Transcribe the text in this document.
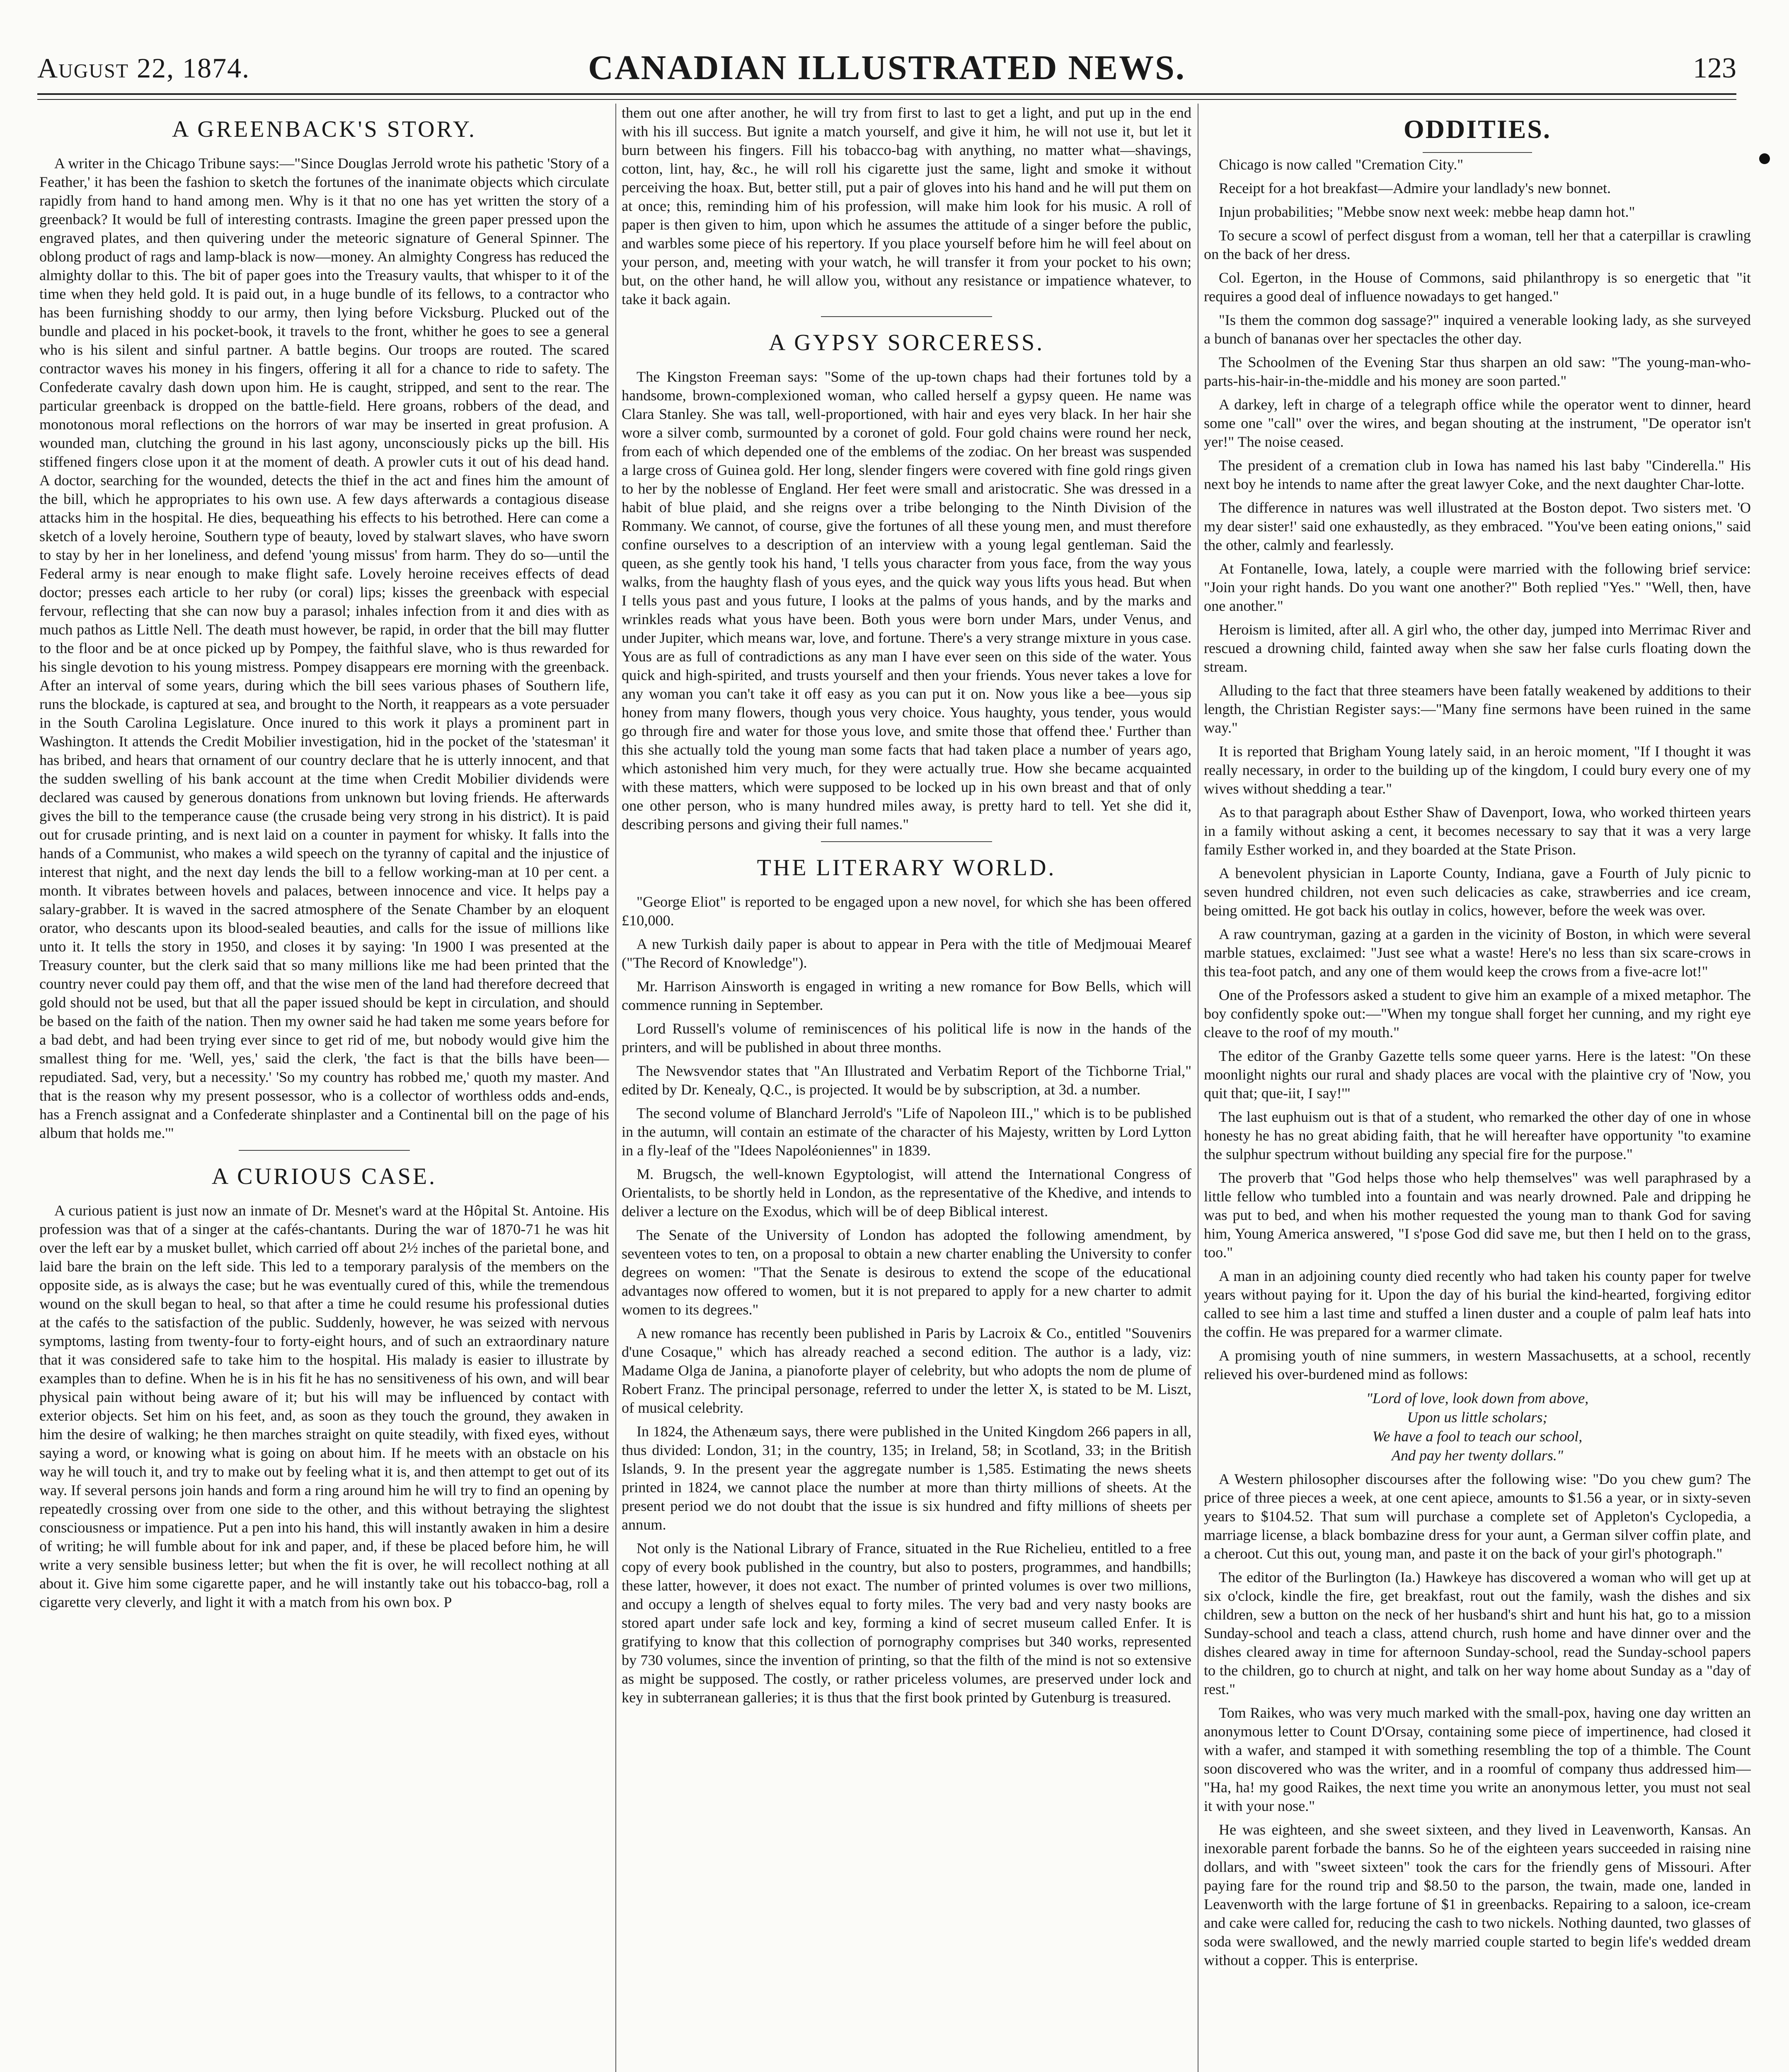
August 22, 1874.	CANADIAN ILLUSTRATED NEWS.	123
A GREENBACK'S STORY.

A writer in the Chicago Tribune says:—"Since Douglas Jerrold wrote his pathetic 'Story of a Feather,' it has been the fashion to sketch the fortunes of the inanimate objects which circulate rapidly from hand to hand among men. Why is it that no one has yet written the story of a greenback? It would be full of interesting contrasts. Imagine the green paper pressed upon the engraved plates, and then quivering under the meteoric signature of General Spinner. The oblong product of rags and lamp-black is now—money. An almighty Congress has reduced the almighty dollar to this. The bit of paper goes into the Treasury vaults, that whisper to it of the time when they held gold. It is paid out, in a huge bundle of its fellows, to a contractor who has been furnishing shoddy to our army, then lying before Vicksburg. Plucked out of the bundle and placed in his pocket-book, it travels to the front, whither he goes to see a general who is his silent and sinful partner. A battle begins. Our troops are routed. The scared contractor waves his money in his fingers, offering it all for a chance to ride to safety. The Confederate cavalry dash down upon him. He is caught, stripped, and sent to the rear. The particular greenback is dropped on the battle-field. Here groans, robbers of the dead, and monotonous moral reflections on the horrors of war may be inserted in great profusion. A wounded man, clutching the ground in his last agony, unconsciously picks up the bill. His stiffened fingers close upon it at the moment of death. A prowler cuts it out of his dead hand. A doctor, searching for the wounded, detects the thief in the act and fines him the amount of the bill, which he appropriates to his own use. A few days afterwards a contagious disease attacks him in the hospital. He dies, bequeathing his effects to his betrothed. Here can come a sketch of a lovely heroine, Southern type of beauty, loved by stalwart slaves, who have sworn to stay by her in her loneliness, and defend 'young missus' from harm. They do so—until the Federal army is near enough to make flight safe. Lovely heroine receives effects of dead doctor; presses each article to her ruby (or coral) lips; kisses the greenback with especial fervour, reflecting that she can now buy a parasol; inhales infection from it and dies with as much pathos as Little Nell. The death must however, be rapid, in order that the bill may flutter to the floor and be at once picked up by Pompey, the faithful slave, who is thus rewarded for his single devotion to his young mistress. Pompey disappears ere morning with the greenback. After an interval of some years, during which the bill sees various phases of Southern life, runs the blockade, is captured at sea, and brought to the North, it reappears as a vote persuader in the South Carolina Legislature. Once inured to this work it plays a prominent part in Washington. It attends the Credit Mobilier investigation, hid in the pocket of the 'statesman' it has bribed, and hears that ornament of our country declare that he is utterly innocent, and that the sudden swelling of his bank account at the time when Credit Mobilier dividends were declared was caused by generous donations from unknown but loving friends. He afterwards gives the bill to the temperance cause (the crusade being very strong in his district). It is paid out for crusade printing, and is next laid on a counter in payment for whisky. It falls into the hands of a Communist, who makes a wild speech on the tyranny of capital and the injustice of interest that night, and the next day lends the bill to a fellow working-man at 10 per cent. a month. It vibrates between hovels and palaces, between innocence and vice. It helps pay a salary-grabber. It is waved in the sacred atmosphere of the Senate Chamber by an eloquent orator, who descants upon its blood-sealed beauties, and calls for the issue of millions like unto it. It tells the story in 1950, and closes it by saying: 'In 1900 I was presented at the Treasury counter, but the clerk said that so many millions like me had been printed that the country never could pay them off, and that the wise men of the land had therefore decreed that gold should not be used, but that all the paper issued should be kept in circulation, and should be based on the faith of the nation. Then my owner said he had taken me some years before for a bad debt, and had been trying ever since to get rid of me, but nobody would give him the smallest thing for me. 'Well, yes,' said the clerk, 'the fact is that the bills have been—repudiated. Sad, very, but a necessity.' 'So my country has robbed me,' quoth my master. And that is the reason why my present possessor, who is a collector of worthless odds and-ends, has a French assignat and a Confederate shinplaster and a Continental bill on the page of his album that holds me.'"

A CURIOUS CASE.

A curious patient is just now an inmate of Dr. Mesnet's ward at the Hôpital St. Antoine. His profession was that of a singer at the cafés-chantants. During the war of 1870-71 he was hit over the left ear by a musket bullet, which carried off about 2½ inches of the parietal bone, and laid bare the brain on the left side. This led to a temporary paralysis of the members on the opposite side, as is always the case; but he was eventually cured of this, while the tremendous wound on the skull began to heal, so that after a time he could resume his professional duties at the cafés to the satisfaction of the public. Suddenly, however, he was seized with nervous symptoms, lasting from twenty-four to forty-eight hours, and of such an extraordinary nature that it was considered safe to take him to the hospital. His malady is easier to illustrate by examples than to define. When he is in his fit he has no sensitiveness of his own, and will bear physical pain without being aware of it; but his will may be influenced by contact with exterior objects. Set him on his feet, and, as soon as they touch the ground, they awaken in him the desire of walking; he then marches straight on quite steadily, with fixed eyes, without saying a word, or knowing what is going on about him. If he meets with an obstacle on his way he will touch it, and try to make out by feeling what it is, and then attempt to get out of its way. If several persons join hands and form a ring around him he will try to find an opening by repeatedly crossing over from one side to the other, and this without betraying the slightest consciousness or impatience. Put a pen into his hand, this will instantly awaken in him a desire of writing; he will fumble about for ink and paper, and, if these be placed before him, he will write a very sensible business letter; but when the fit is over, he will recollect nothing at all about it. Give him some cigarette paper, and he will instantly take out his tobacco-bag, roll a cigarette very cleverly, and light it with a match from his own box. P

them out one after another, he will try from first to last to get a light, and put up in the end with his ill success. But ignite a match yourself, and give it him, he will not use it, but let it burn between his fingers. Fill his tobacco-bag with anything, no matter what—shavings, cotton, lint, hay, &c., he will roll his cigarette just the same, light and smoke it without perceiving the hoax. But, better still, put a pair of gloves into his hand and he will put them on at once; this, reminding him of his profession, will make him look for his music. A roll of paper is then given to him, upon which he assumes the attitude of a singer before the public, and warbles some piece of his repertory. If you place yourself before him he will feel about on your person, and, meeting with your watch, he will transfer it from your pocket to his own; but, on the other hand, he will allow you, without any resistance or impatience whatever, to take it back again.

A GYPSY SORCERESS.

The Kingston Freeman says: "Some of the up-town chaps had their fortunes told by a handsome, brown-complexioned woman, who called herself a gypsy queen. He name was Clara Stanley. She was tall, well-proportioned, with hair and eyes very black. In her hair she wore a silver comb, surmounted by a coronet of gold. Four gold chains were round her neck, from each of which depended one of the emblems of the zodiac. On her breast was suspended a large cross of Guinea gold. Her long, slender fingers were covered with fine gold rings given to her by the noblesse of England. Her feet were small and aristocratic. She was dressed in a habit of blue plaid, and she reigns over a tribe belonging to the Ninth Division of the Rommany. We cannot, of course, give the fortunes of all these young men, and must therefore confine ourselves to a description of an interview with a young legal gentleman. Said the queen, as she gently took his hand, 'I tells yous character from yous face, from the way yous walks, from the haughty flash of yous eyes, and the quick way yous lifts yous head. But when I tells yous past and yous future, I looks at the palms of yous hands, and by the marks and wrinkles reads what yous have been. Both yous were born under Mars, under Venus, and under Jupiter, which means war, love, and fortune. There's a very strange mixture in yous case. Yous are as full of contradictions as any man I have ever seen on this side of the water. Yous quick and high-spirited, and trusts yourself and then your friends. Yous never takes a love for any woman you can't take it off easy as you can put it on. Now yous like a bee—yous sip honey from many flowers, though yous very choice. Yous haughty, yous tender, yous would go through fire and water for those yous love, and smite those that offend thee.' Further than this she actually told the young man some facts that had taken place a number of years ago, which astonished him very much, for they were actually true. How she became acquainted with these matters, which were supposed to be locked up in his own breast and that of only one other person, who is many hundred miles away, is pretty hard to tell. Yet she did it, describing persons and giving their full names."

THE LITERARY WORLD.

"George Eliot" is reported to be engaged upon a new novel, for which she has been offered £10,000.

A new Turkish daily paper is about to appear in Pera with the title of Medjmouai Mearef ("The Record of Knowledge").

Mr. Harrison Ainsworth is engaged in writing a new romance for Bow Bells, which will commence running in September.

Lord Russell's volume of reminiscences of his political life is now in the hands of the printers, and will be published in about three months.

The Newsvendor states that "An Illustrated and Verbatim Report of the Tichborne Trial," edited by Dr. Kenealy, Q.C., is projected. It would be by subscription, at 3d. a number.

The second volume of Blanchard Jerrold's "Life of Napoleon III.," which is to be published in the autumn, will contain an estimate of the character of his Majesty, written by Lord Lytton in a fly-leaf of the "Idees Napoléoniennes" in 1839.

M. Brugsch, the well-known Egyptologist, will attend the International Congress of Orientalists, to be shortly held in London, as the representative of the Khedive, and intends to deliver a lecture on the Exodus, which will be of deep Biblical interest.

The Senate of the University of London has adopted the following amendment, by seventeen votes to ten, on a proposal to obtain a new charter enabling the University to confer degrees on women: "That the Senate is desirous to extend the scope of the educational advantages now offered to women, but it is not prepared to apply for a new charter to admit women to its degrees."

A new romance has recently been published in Paris by Lacroix & Co., entitled "Souvenirs d'une Cosaque," which has already reached a second edition. The author is a lady, viz: Madame Olga de Janina, a pianoforte player of celebrity, but who adopts the nom de plume of Robert Franz. The principal personage, referred to under the letter X, is stated to be M. Liszt, of musical celebrity.

In 1824, the Athenæum says, there were published in the United Kingdom 266 papers in all, thus divided: London, 31; in the country, 135; in Ireland, 58; in Scotland, 33; in the British Islands, 9. In the present year the aggregate number is 1,585. Estimating the news sheets printed in 1824, we cannot place the number at more than thirty millions of sheets. At the present period we do not doubt that the issue is six hundred and fifty millions of sheets per annum.

Not only is the National Library of France, situated in the Rue Richelieu, entitled to a free copy of every book published in the country, but also to posters, programmes, and handbills; these latter, however, it does not exact. The number of printed volumes is over two millions, and occupy a length of shelves equal to forty miles. The very bad and very nasty books are stored apart under safe lock and key, forming a kind of secret museum called Enfer. It is gratifying to know that this collection of pornography comprises but 340 works, represented by 730 volumes, since the invention of printing, so that the filth of the mind is not so extensive as might be supposed. The costly, or rather priceless volumes, are preserved under lock and key in subterranean galleries; it is thus that the first book printed by Gutenburg is treasured.

ODDITIES.

Chicago is now called "Cremation City."

Receipt for a hot breakfast—Admire your landlady's new bonnet.

Injun probabilities; "Mebbe snow next week: mebbe heap damn hot."

To secure a scowl of perfect disgust from a woman, tell her that a caterpillar is crawling on the back of her dress.

Col. Egerton, in the House of Commons, said philanthropy is so energetic that "it requires a good deal of influence nowadays to get hanged."

"Is them the common dog sassage?" inquired a venerable looking lady, as she surveyed a bunch of bananas over her spectacles the other day.

The Schoolmen of the Evening Star thus sharpen an old saw: "The young-man-who-parts-his-hair-in-the-middle and his money are soon parted."

A darkey, left in charge of a telegraph office while the operator went to dinner, heard some one "call" over the wires, and began shouting at the instrument, "De operator isn't yer!" The noise ceased.

The president of a cremation club in Iowa has named his last baby "Cinderella." His next boy he intends to name after the great lawyer Coke, and the next daughter Char-lotte.

The difference in natures was well illustrated at the Boston depot. Two sisters met. 'O my dear sister!' said one exhaustedly, as they embraced. "You've been eating onions," said the other, calmly and fearlessly.

At Fontanelle, Iowa, lately, a couple were married with the following brief service: "Join your right hands. Do you want one another?" Both replied "Yes." "Well, then, have one another."

Heroism is limited, after all. A girl who, the other day, jumped into Merrimac River and rescued a drowning child, fainted away when she saw her false curls floating down the stream.

Alluding to the fact that three steamers have been fatally weakened by additions to their length, the Christian Register says:—"Many fine sermons have been ruined in the same way."

It is reported that Brigham Young lately said, in an heroic moment, "If I thought it was really necessary, in order to the building up of the kingdom, I could bury every one of my wives without shedding a tear."

As to that paragraph about Esther Shaw of Davenport, Iowa, who worked thirteen years in a family without asking a cent, it becomes necessary to say that it was a very large family Esther worked in, and they boarded at the State Prison.

A benevolent physician in Laporte County, Indiana, gave a Fourth of July picnic to seven hundred children, not even such delicacies as cake, strawberries and ice cream, being omitted. He got back his outlay in colics, however, before the week was over.

A raw countryman, gazing at a garden in the vicinity of Boston, in which were several marble statues, exclaimed: "Just see what a waste! Here's no less than six scare-crows in this tea-foot patch, and any one of them would keep the crows from a five-acre lot!"

One of the Professors asked a student to give him an example of a mixed metaphor. The boy confidently spoke out:—"When my tongue shall forget her cunning, and my right eye cleave to the roof of my mouth."

The editor of the Granby Gazette tells some queer yarns. Here is the latest: "On these moonlight nights our rural and shady places are vocal with the plaintive cry of 'Now, you quit that; que-iit, I say!'"

The last euphuism out is that of a student, who remarked the other day of one in whose honesty he has no great abiding faith, that he will hereafter have opportunity "to examine the sulphur spectrum without building any special fire for the purpose."

The proverb that "God helps those who help themselves" was well paraphrased by a little fellow who tumbled into a fountain and was nearly drowned. Pale and dripping he was put to bed, and when his mother requested the young man to thank God for saving him, Young America answered, "I s'pose God did save me, but then I held on to the grass, too."

A man in an adjoining county died recently who had taken his county paper for twelve years without paying for it. Upon the day of his burial the kind-hearted, forgiving editor called to see him a last time and stuffed a linen duster and a couple of palm leaf hats into the coffin. He was prepared for a warmer climate.

A promising youth of nine summers, in western Massachusetts, at a school, recently relieved his over-burdened mind as follows:

"Lord of love, look down from above,
Upon us little scholars;
We have a fool to teach our school,
And pay her twenty dollars."

A Western philosopher discourses after the following wise: "Do you chew gum? The price of three pieces a week, at one cent apiece, amounts to $1.56 a year, or in sixty-seven years to $104.52. That sum will purchase a complete set of Appleton's Cyclopedia, a marriage license, a black bombazine dress for your aunt, a German silver coffin plate, and a cheroot. Cut this out, young man, and paste it on the back of your girl's photograph."

The editor of the Burlington (Ia.) Hawkeye has discovered a woman who will get up at six o'clock, kindle the fire, get breakfast, rout out the family, wash the dishes and six children, sew a button on the neck of her husband's shirt and hunt his hat, go to a mission Sunday-school and teach a class, attend church, rush home and have dinner over and the dishes cleared away in time for afternoon Sunday-school, read the Sunday-school papers to the children, go to church at night, and talk on her way home about Sunday as a "day of rest."

Tom Raikes, who was very much marked with the small-pox, having one day written an anonymous letter to Count D'Orsay, containing some piece of impertinence, had closed it with a wafer, and stamped it with something resembling the top of a thimble. The Count soon discovered who was the writer, and in a roomful of company thus addressed him— "Ha, ha! my good Raikes, the next time you write an anonymous letter, you must not seal it with your nose."

He was eighteen, and she sweet sixteen, and they lived in Leavenworth, Kansas. An inexorable parent forbade the banns. So he of the eighteen years succeeded in raising nine dollars, and with "sweet sixteen" took the cars for the friendly gens of Missouri. After paying fare for the round trip and $8.50 to the parson, the twain, made one, landed in Leavenworth with the large fortune of $1 in greenbacks. Repairing to a saloon, ice-cream and cake were called for, reducing the cash to two nickels. Nothing daunted, two glasses of soda were swallowed, and the newly married couple started to begin life's wedded dream without a copper. This is enterprise.
